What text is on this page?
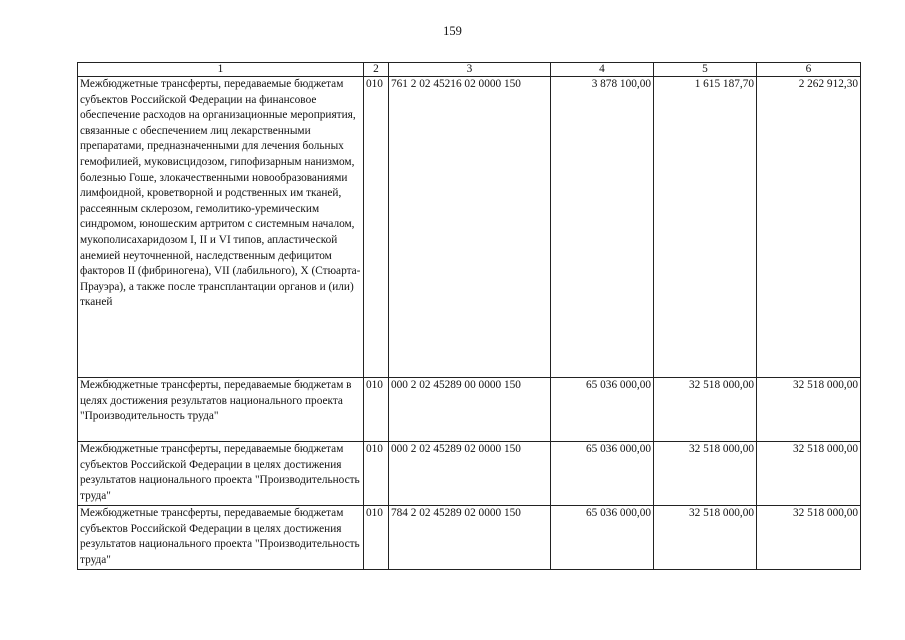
159
1	2	3	4	5	6
Межбюджетные трансферты, передаваемые бюджетам субъектов Российской Федерации на финансовое обеспечение расходов на организационные мероприятия, связанные с обеспечением лиц лекарственными препаратами, предназначенными для лечения больных гемофилией, муковисцидозом, гипофизарным нанизмом, болезнью Гоше, злокачественными новообразованиями лимфоидной, кроветворной и родственных им тканей, рассеянным склерозом, гемолитико-уремическим синдромом, юношеским артритом с системным началом, мукополисахаридозом I, II и VI типов, апластической анемией неуточненной, наследственным дефицитом факторов II (фибриногена), VII (лабильного), X (Стюарта-Прауэра), а также после трансплантации органов и (или) тканей	010	761 2 02 45216 02 0000 150	3 878 100,00	1 615 187,70	2 262 912,30
Межбюджетные трансферты, передаваемые бюджетам в целях достижения результатов национального проекта "Производительность труда"	010	000 2 02 45289 00 0000 150	65 036 000,00	32 518 000,00	32 518 000,00
Межбюджетные трансферты, передаваемые бюджетам субъектов Российской Федерации в целях достижения результатов национального проекта "Производительность труда"	010	000 2 02 45289 02 0000 150	65 036 000,00	32 518 000,00	32 518 000,00
Межбюджетные трансферты, передаваемые бюджетам субъектов Российской Федерации в целях достижения результатов национального проекта "Производительность труда"	010	784 2 02 45289 02 0000 150	65 036 000,00	32 518 000,00	32 518 000,00
